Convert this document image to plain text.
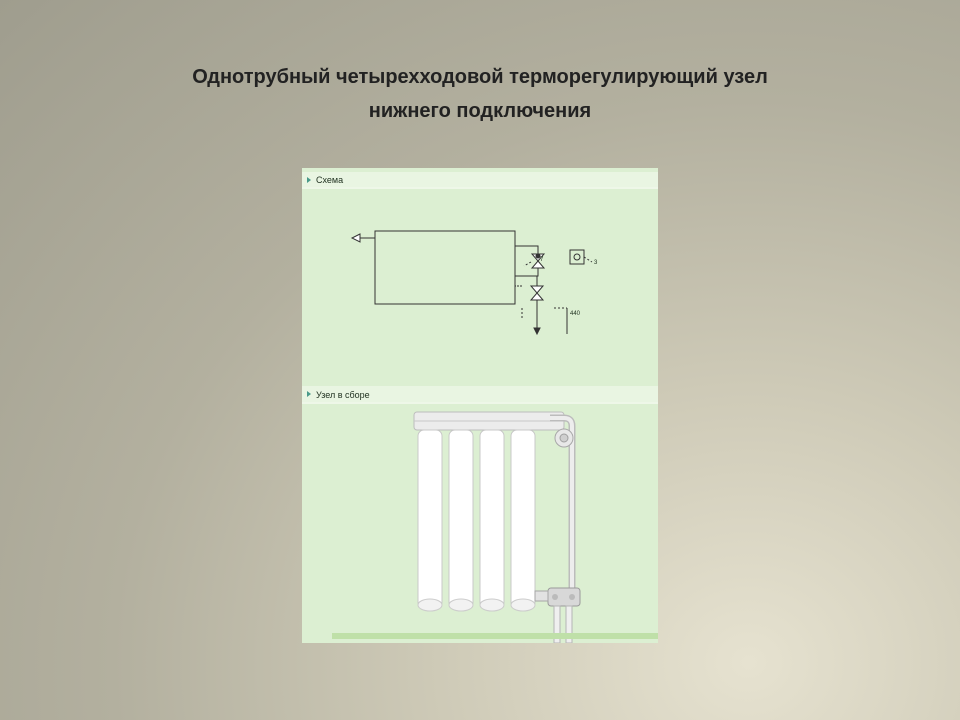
Однотрубный четырехходовой терморегулирующий узел
нижнего подключения
Схема
7	3
440
Узел в сборе
